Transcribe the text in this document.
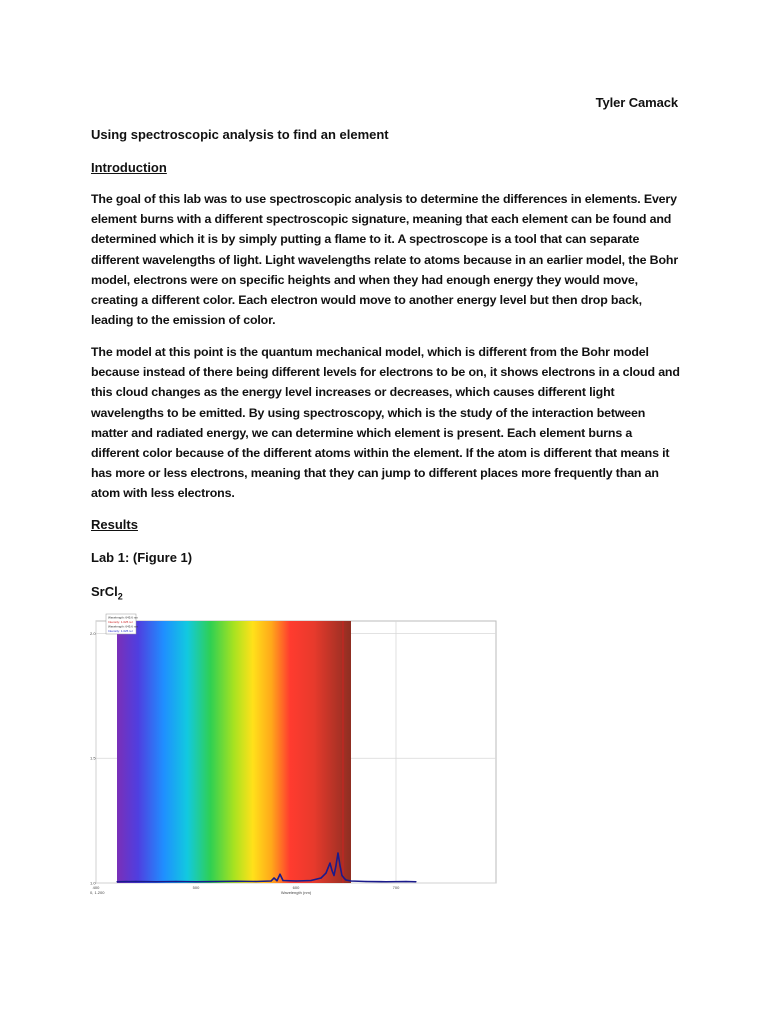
Tyler Camack
Using spectroscopic analysis to find an element
Introduction

The goal of this lab was to use spectroscopic analysis to determine the differences in elements. Every element burns with a different spectroscopic signature, meaning that each element can be found and determined which it is by simply putting a flame to it. A spectroscope is a tool that can separate different wavelengths of light. Light wavelengths relate to atoms because in an earlier model, the Bohr model, electrons were on specific heights and when they had enough energy they would move, creating a different color. Each electron would move to another energy level but then drop back, leading to the emission of color.

The model at this point is the quantum mechanical model, which is different from the Bohr model because instead of there being different levels for electrons to be on, it shows electrons in a cloud and this cloud changes as the energy level increases or decreases, which causes different light wavelengths to be emitted. By using spectroscopy, which is the study of the interaction between matter and radiated energy, we can determine which element is present. Each element burns a different color because of the different atoms within the element. If the atom is different that means it has more or less electrons, meaning that they can jump to different places more frequently than an atom with less electrons.

Results
Lab 1: (Figure 1)
SrCl$_2$
400	500	600	700
1.0
1.5
2.0
Wavelength: 645.6 nm
Intensity: 1.025 rel
Wavelength: 645.6 nm
Intensity: 1.025 rel
Wavelength (nm)
0, 1.200
